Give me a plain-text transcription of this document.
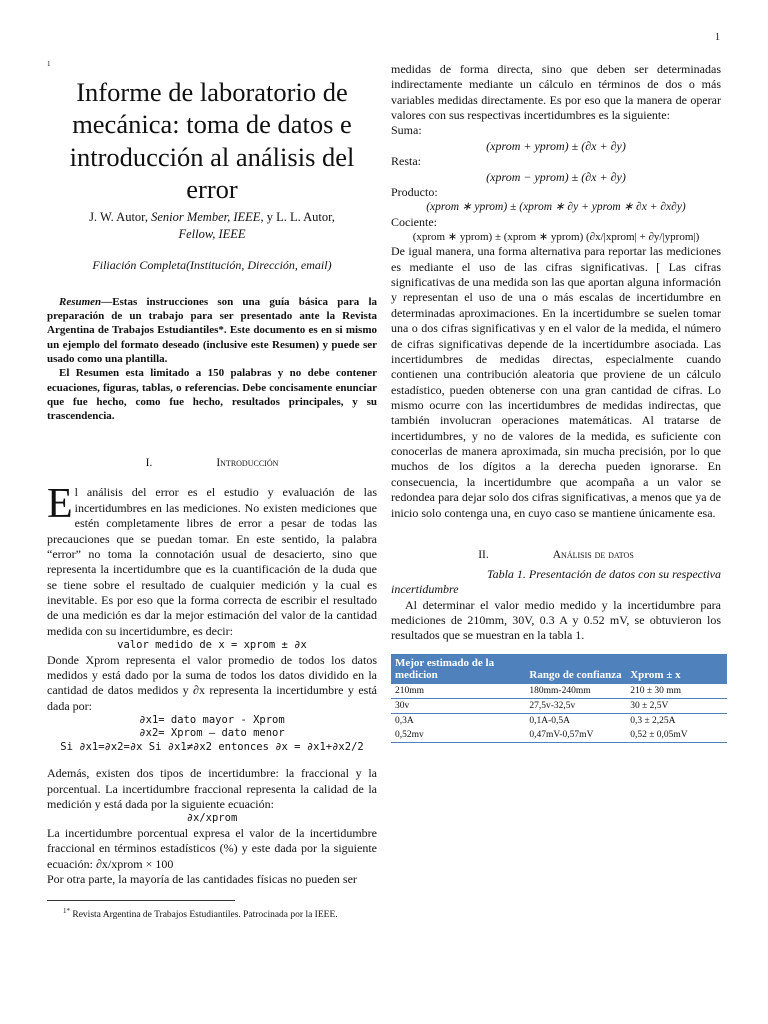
1
1
Informe de laboratorio de mecánica: toma de datos e introducción al análisis del error
J. W. Autor, Senior Member, IEEE, y L. L. Autor,
Fellow, IEEE
Filiación Completa(Institución, Dirección, email)

Resumen—Estas instrucciones son una guía básica para la preparación de un trabajo para ser presentado ante la Revista Argentina de Trabajos Estudiantiles*. Este documento es en si mismo un ejemplo del formato deseado (inclusive este Resumen) y puede ser usado como una plantilla.

El Resumen esta limitado a 150 palabras y no debe contener ecuaciones, figuras, tablas, o referencias. Debe concisamente enunciar que fue hecho, como fue hecho, resultados principales, y su trascendencia.

I.	Introducción

El análisis del error es el estudio y evaluación de las incertidumbres en las mediciones. No existen mediciones que estén completamente libres de error a pesar de todas las precauciones que se puedan tomar. En este sentido, la palabra “error” no toma la connotación usual de desacierto, sino que representa la incertidumbre que es la cuantificación de la duda que se tiene sobre el resultado de cualquier medición y la cual es inevitable. Es por eso que la forma correcta de escribir el resultado de una medición es dar la mejor estimación del valor de la cantidad medida con su incertidumbre, es decir:

valor medido de x = xprom ± ∂x

Donde Xprom representa el valor promedio de todos los datos medidos y está dado por la suma de todos los datos dividido en la cantidad de datos medidos y ∂x representa la incertidumbre y está dada por:

∂x1= dato mayor - Xprom

∂x2= Xprom – dato menor

Si ∂x1=∂x2=∂x Si ∂x1≠∂x2 entonces ∂x = ∂x1+∂x2/2

Además, existen dos tipos de incertidumbre: la fraccional y la porcentual. La incertidumbre fraccional representa la calidad de la medición y está dada por la siguiente ecuación:

∂x/xprom

La incertidumbre porcentual expresa el valor de la incertidumbre fraccional en términos estadísticos (%) y este dada por la siguiente ecuación: ∂x/xprom × 100

Por otra parte, la mayoría de las cantidades físicas no pueden ser

medidas de forma directa, sino que deben ser determinadas indirectamente mediante un cálculo en términos de dos o más variables medidas directamente. Es por eso que la manera de operar valores con sus respectivas incertidumbres es la siguiente:

Suma:

(xprom + yprom) ± (∂x + ∂y)

Resta:

(xprom − yprom) ± (∂x + ∂y)

Producto:

(xprom ∗ yprom) ± (xprom ∗ ∂y + yprom ∗ ∂x + ∂x∂y)

Cociente:

(xprom ∗ yprom) ± (xprom ∗ yprom) (∂x/|xprom| + ∂y/|yprom|)

De igual manera, una forma alternativa para reportar las mediciones es mediante el uso de las cifras significativas. [ Las cifras significativas de una medida son las que aportan alguna información y representan el uso de una o más escalas de incertidumbre en determinadas aproximaciones. En la incertidumbre se suelen tomar una o dos cifras significativas y en el valor de la medida, el número de cifras significativas depende de la incertidumbre asociada. Las incertidumbres de medidas directas, especialmente cuando contienen una contribución aleatoria que proviene de un cálculo estadístico, pueden obtenerse con una gran cantidad de cifras. Lo mismo ocurre con las incertidumbres de medidas indirectas, que también involucran operaciones matemáticas. Al tratarse de incertidumbres, y no de valores de la medida, es suficiente con conocerlas de manera aproximada, sin mucha precisión, por lo que muchos de los dígitos a la derecha pueden ignorarse. En consecuencia, la incertidumbre que acompaña a un valor se redondea para dejar solo dos cifras significativas, a menos que ya de inicio solo contenga una, en cuyo caso se mantiene únicamente esa.

II.	Análisis de datos
Tabla 1. Presentación de datos con su respectiva incertidumbre
Al determinar el valor medio medido y la incertidumbre para mediciones de 210mm, 30V, 0.3 A y 0.52 mV, se obtuvieron los resultados que se muestran en la tabla 1.
Mejor estimado de la medicion	Rango de confianza	Xprom ± x
210mm	180mm-240mm	210 ± 30 mm
30v	27,5v-32,5v	30 ± 2,5V
0,3A	0,1A-0,5A	0,3 ± 2,25A
0,52mv	0,47mV-0,57mV	0,52 ± 0,05mV
$^{1*}$ Revista Argentina de Trabajos Estudiantiles. Patrocinada por la IEEE.
